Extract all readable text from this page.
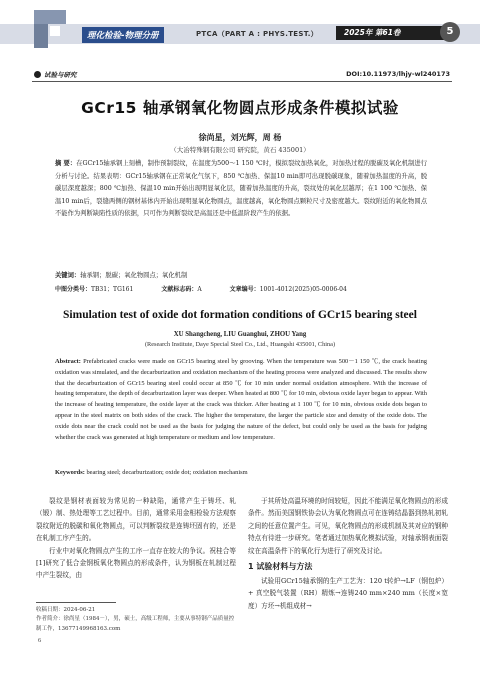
理化检验-物理分册	PTCA（PART A : PHYS.TEST.）	2025年 第61卷	5
试验与研究	DOI:10.11973/lhjy-wl240173
GCr15 轴承钢氧化物圆点形成条件模拟试验
徐尚星，刘光辉，周 杨
（大冶特殊钢有限公司 研究院，黄石 435001）
摘 要：在GCr15轴承钢上刻槽，制作预制裂纹，在温度为500～1 150 ℃时，模拟裂纹加热氧化，对加热过程的脱碳及氧化机制进行分析与讨论。结果表明：GCr15轴承钢在正常氧化气氛下，850 ℃加热、保温10 min即可出现脱碳现象，随着加热温度的升高，脱碳层深度越深；800 ℃加热、保温10 min开始出现明显氧化层，随着加热温度的升高，裂纹处的氧化层越厚；在1 100 ℃加热、保温10 min后，裂缝两侧的钢材基体内开始出现明显氧化物圆点，温度越高，氧化物圆点颗粒尺寸及密度越大。裂纹附近的氧化物圆点不能作为判断缺陷性质的依据，只可作为判断裂纹是高温还是中低温阶段产生的依据。
关键词：轴承钢；脱碳；氧化物圆点；氧化机制
中图分类号：TB31；TG161	文献标志码：A	文章编号：1001-4012(2025)05-0006-04
Simulation test of oxide dot formation conditions of GCr15 bearing steel
XU Shangcheng, LIU Guanghui, ZHOU Yang
(Research Institute, Daye Special Steel Co., Ltd., Huangshi 435001, China)
Abstract: Prefabricated cracks were made on GCr15 bearing steel by grooving. When the temperature was 500－1 150 ℃, the crack heating oxidation was simulated, and the decarburization and oxidation mechanism of the heating process were analyzed and discussed. The results show that the decarburization of GCr15 bearing steel could occur at 850 ℃ for 10 min under normal oxidation atmosphere. With the increase of heating temperature, the depth of decarburization layer was deeper. When heated at 800 ℃ for 10 min, obvious oxide layer began to appear. With the increase of heating temperature, the oxide layer at the crack was thicker. After heating at 1 100 ℃ for 10 min, obvious oxide dots began to appear in the steel matrix on both sides of the crack. The higher the temperature, the larger the particle size and density of the oxide dots. The oxide dots near the crack could not be used as the basis for judging the nature of the defect, but could only be used as the basis for judging whether the crack was generated at high temperature or medium and low temperature.
Keywords: bearing steel; decarburization; oxide dot; oxidation mechanism

裂纹是钢材表面较为常见的一种缺陷，通常产生于铸坯、轧（锻）制、热处理等工艺过程中。目前，通常采用金相检验方法观察裂纹附近的脱碳和氧化物圆点，可以判断裂纹是连铸坯固有的，还是在轧制工序产生的。

行业中对氧化物圆点产生的工序一直存在较大的争议。祝桂合等[1]研究了低合金钢板氧化物圆点的形成条件，认为钢板在轧制过程中产生裂纹，由

于其所处高温环境的时间较短，因此不能满足氧化物圆点的形成条件。然而美国钢铁协会认为氧化物圆点可在连铸结晶器到热轧初轧之间的任意位置产生。可见，氧化物圆点的形成机制及其对应的钢种特点有待进一步研究。笔者通过加热氧化模拟试验，对轴承钢表面裂纹在高温条件下的氧化行为进行了研究及讨论。

1 试验材料与方法

试验用GCr15轴承钢的生产工艺为：120 t转炉→LF（钢包炉）+ 真空脱气装置（RH）精炼→连铸240 mm×240 mm（长度×宽度）方坯→机组成材→

收稿日期：2024-06-21
作者简介：徐尚星（1984－），男，硕士，高级工程师，主要从事特钢产品质量控制工作，13677149968163.com
6
